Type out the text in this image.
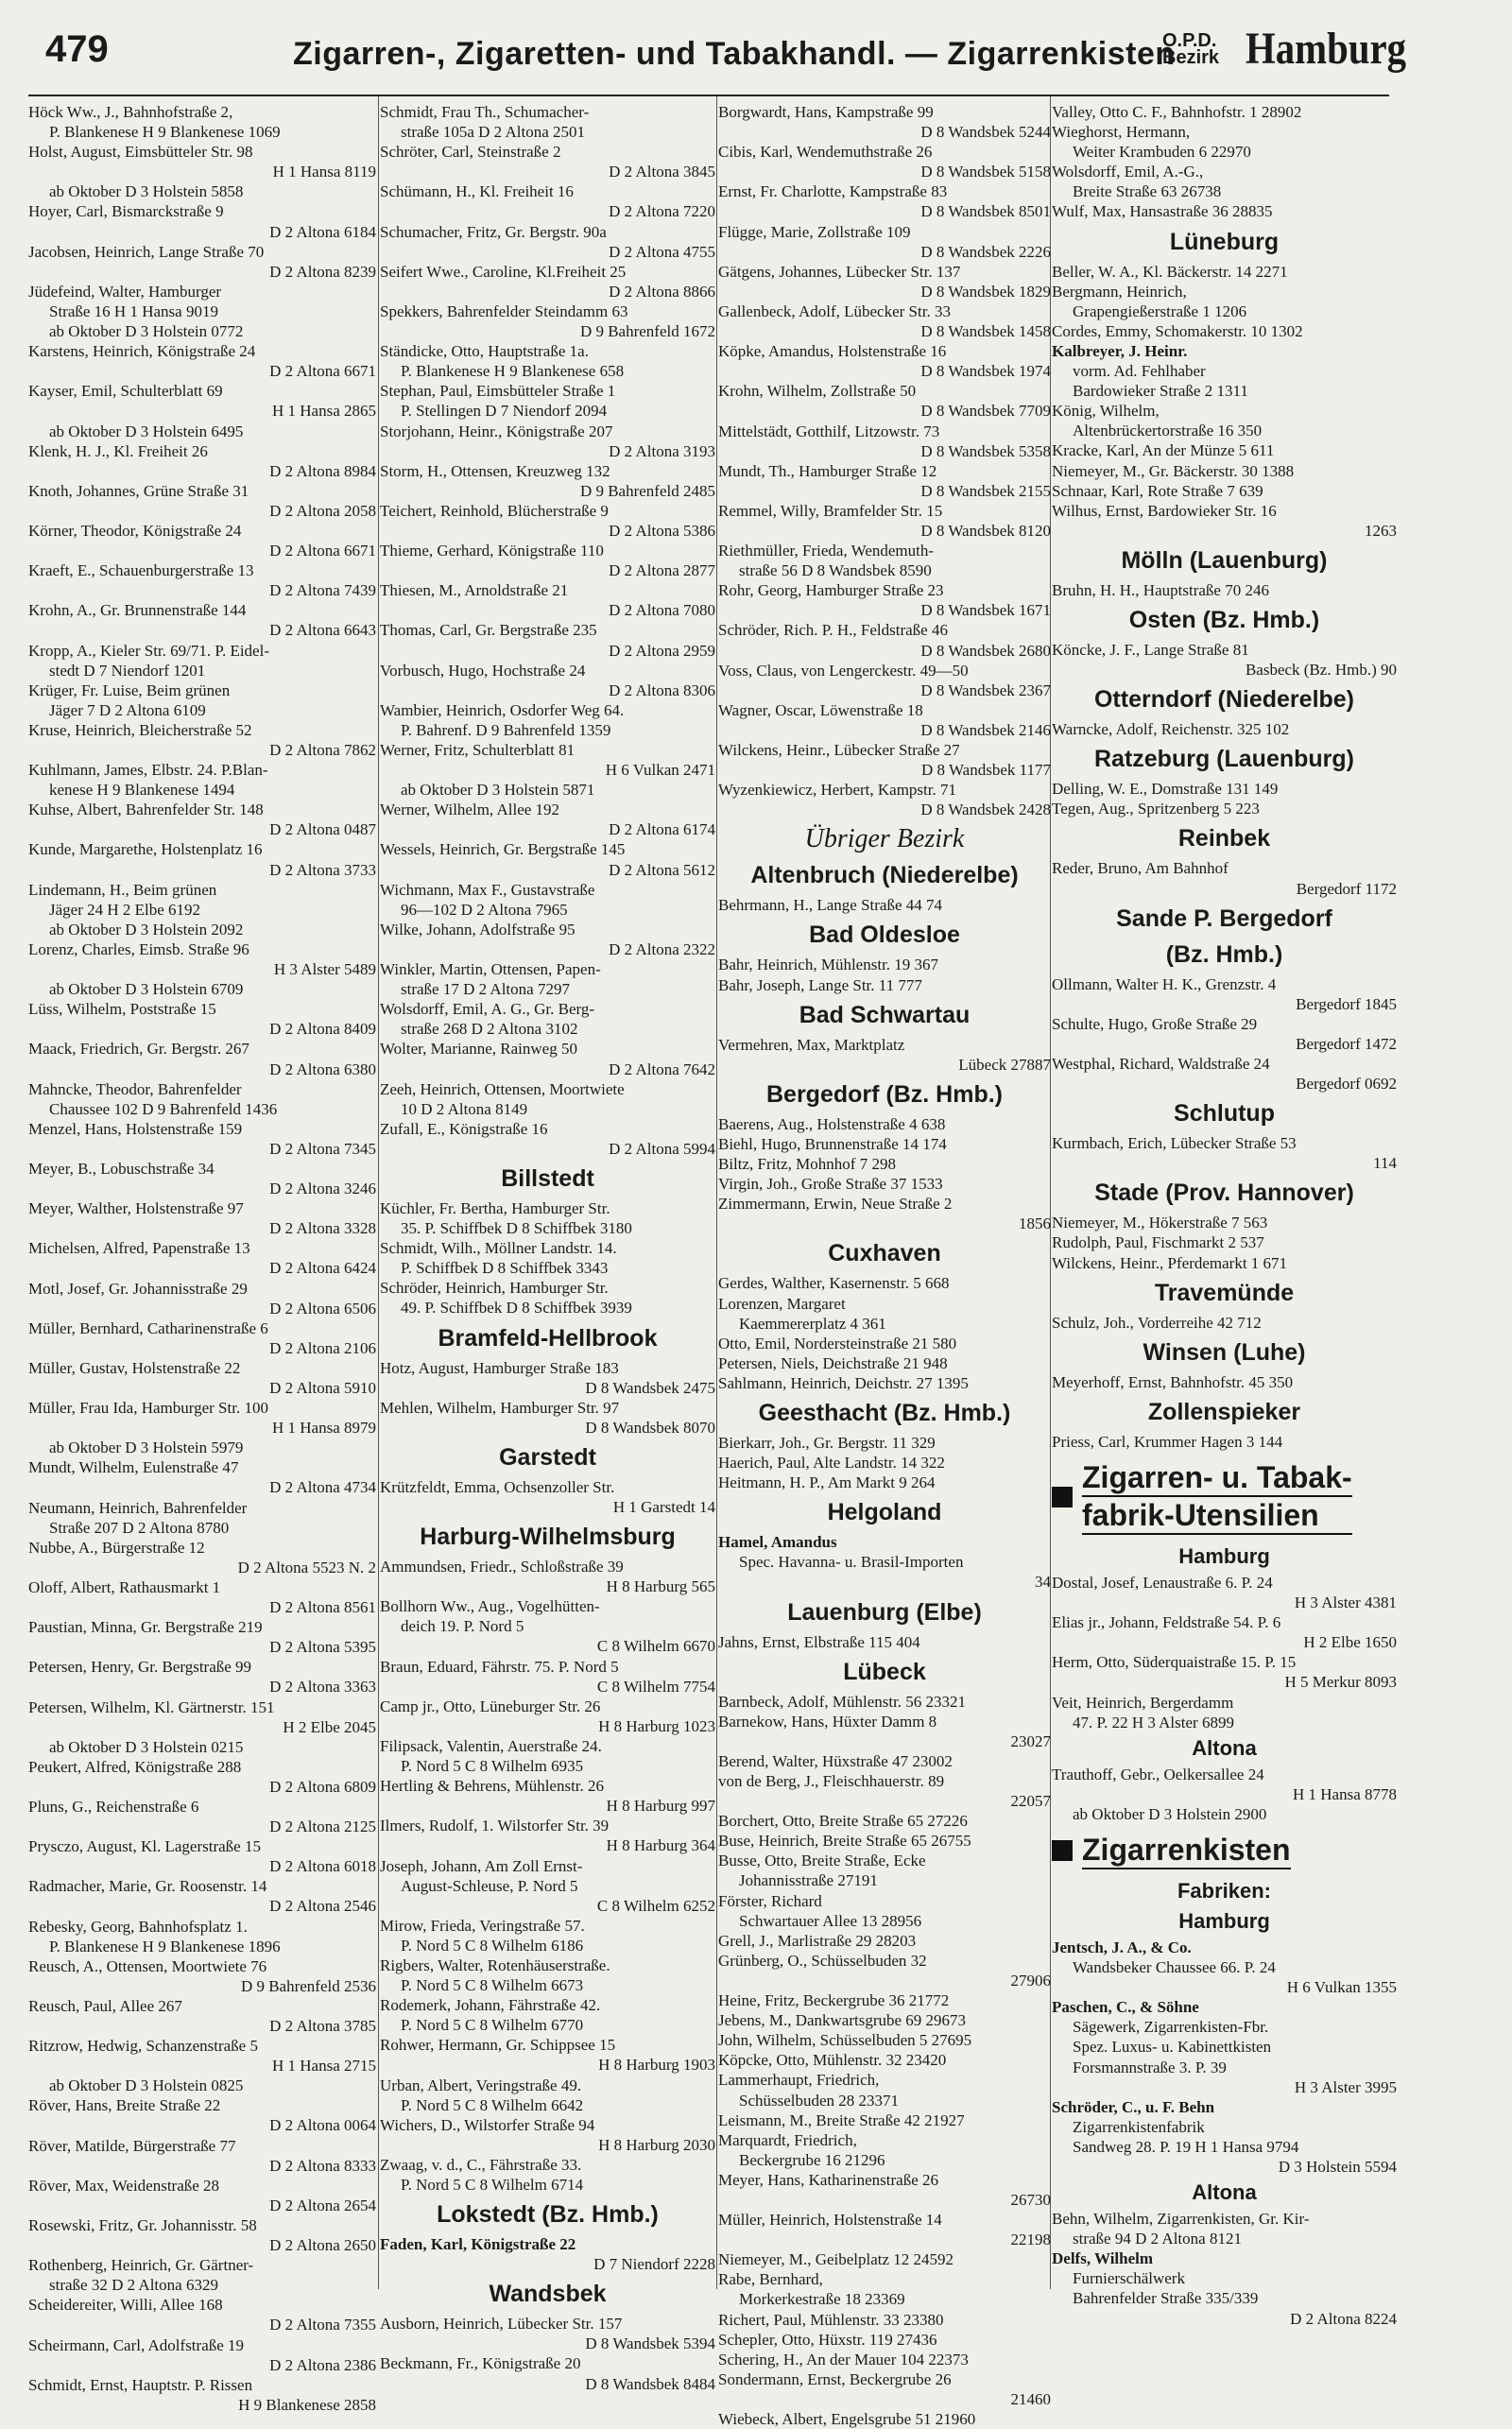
479	Zigarren-, Zigaretten- und Tabakhandl. — Zigarrenkisten
O.P.D.
Bezirk Hamburg
Höck Ww., J., Bahnhofstraße 2,
P. Blankenese H 9 Blankenese 1069
Holst, August, Eimsbütteler Str. 98
H 1 Hansa 8119
ab Oktober D 3 Holstein 5858
Hoyer, Carl, Bismarckstraße 9
D 2 Altona 6184
Jacobsen, Heinrich, Lange Straße 70
D 2 Altona 8239
Jüdefeind, Walter, Hamburger
Straße 16 H 1 Hansa 9019
ab Oktober D 3 Holstein 0772
Karstens, Heinrich, Königstraße 24
D 2 Altona 6671
Kayser, Emil, Schulterblatt 69
H 1 Hansa 2865
ab Oktober D 3 Holstein 6495
Klenk, H. J., Kl. Freiheit 26
D 2 Altona 8984
Knoth, Johannes, Grüne Straße 31
D 2 Altona 2058
Körner, Theodor, Königstraße 24
D 2 Altona 6671
Kraeft, E., Schauenburgerstraße 13
D 2 Altona 7439
Krohn, A., Gr. Brunnenstraße 144
D 2 Altona 6643
Kropp, A., Kieler Str. 69/71. P. Eidel-
stedt D 7 Niendorf 1201
Krüger, Fr. Luise, Beim grünen
Jäger 7 D 2 Altona 6109
Kruse, Heinrich, Bleicherstraße 52
D 2 Altona 7862
Kuhlmann, James, Elbstr. 24. P.Blan-
kenese H 9 Blankenese 1494
Kuhse, Albert, Bahrenfelder Str. 148
D 2 Altona 0487
Kunde, Margarethe, Holstenplatz 16
D 2 Altona 3733
Lindemann, H., Beim grünen
Jäger 24 H 2 Elbe 6192
ab Oktober D 3 Holstein 2092
Lorenz, Charles, Eimsb. Straße 96
H 3 Alster 5489
ab Oktober D 3 Holstein 6709
Lüss, Wilhelm, Poststraße 15
D 2 Altona 8409
Maack, Friedrich, Gr. Bergstr. 267
D 2 Altona 6380
Mahncke, Theodor, Bahrenfelder
Chaussee 102 D 9 Bahrenfeld 1436
Menzel, Hans, Holstenstraße 159
D 2 Altona 7345
Meyer, B., Lobuschstraße 34
D 2 Altona 3246
Meyer, Walther, Holstenstraße 97
D 2 Altona 3328
Michelsen, Alfred, Papenstraße 13
D 2 Altona 6424
Motl, Josef, Gr. Johannisstraße 29
D 2 Altona 6506
Müller, Bernhard, Catharinenstraße 6
D 2 Altona 2106
Müller, Gustav, Holstenstraße 22
D 2 Altona 5910
Müller, Frau Ida, Hamburger Str. 100
H 1 Hansa 8979
ab Oktober D 3 Holstein 5979
Mundt, Wilhelm, Eulenstraße 47
D 2 Altona 4734
Neumann, Heinrich, Bahrenfelder
Straße 207 D 2 Altona 8780
Nubbe, A., Bürgerstraße 12
D 2 Altona 5523 N. 2
Oloff, Albert, Rathausmarkt 1
D 2 Altona 8561
Paustian, Minna, Gr. Bergstraße 219
D 2 Altona 5395
Petersen, Henry, Gr. Bergstraße 99
D 2 Altona 3363
Petersen, Wilhelm, Kl. Gärtnerstr. 151
H 2 Elbe 2045
ab Oktober D 3 Holstein 0215
Peukert, Alfred, Königstraße 288
D 2 Altona 6809
Pluns, G., Reichenstraße 6
D 2 Altona 2125
Prysczo, August, Kl. Lagerstraße 15
D 2 Altona 6018
Radmacher, Marie, Gr. Roosenstr. 14
D 2 Altona 2546
Rebesky, Georg, Bahnhofsplatz 1.
P. Blankenese H 9 Blankenese 1896
Reusch, A., Ottensen, Moortwiete 76
D 9 Bahrenfeld 2536
Reusch, Paul, Allee 267
D 2 Altona 3785
Ritzrow, Hedwig, Schanzenstraße 5
H 1 Hansa 2715
ab Oktober D 3 Holstein 0825
Röver, Hans, Breite Straße 22
D 2 Altona 0064
Röver, Matilde, Bürgerstraße 77
D 2 Altona 8333
Röver, Max, Weidenstraße 28
D 2 Altona 2654
Rosewski, Fritz, Gr. Johannisstr. 58
D 2 Altona 2650
Rothenberg, Heinrich, Gr. Gärtner-
straße 32 D 2 Altona 6329
Scheidereiter, Willi, Allee 168
D 2 Altona 7355
Scheirmann, Carl, Adolfstraße 19
D 2 Altona 2386
Schmidt, Ernst, Hauptstr. P. Rissen
H 9 Blankenese 2858
Schmidt, Frau Th., Schumacher-
straße 105a D 2 Altona 2501
Schröter, Carl, Steinstraße 2
D 2 Altona 3845
Schümann, H., Kl. Freiheit 16
D 2 Altona 7220
Schumacher, Fritz, Gr. Bergstr. 90a
D 2 Altona 4755
Seifert Wwe., Caroline, Kl.Freiheit 25
D 2 Altona 8866
Spekkers, Bahrenfelder Steindamm 63
D 9 Bahrenfeld 1672
Ständicke, Otto, Hauptstraße 1a.
P. Blankenese H 9 Blankenese 658
Stephan, Paul, Eimsbütteler Straße 1
P. Stellingen D 7 Niendorf 2094
Storjohann, Heinr., Königstraße 207
D 2 Altona 3193
Storm, H., Ottensen, Kreuzweg 132
D 9 Bahrenfeld 2485
Teichert, Reinhold, Blücherstraße 9
D 2 Altona 5386
Thieme, Gerhard, Königstraße 110
D 2 Altona 2877
Thiesen, M., Arnoldstraße 21
D 2 Altona 7080
Thomas, Carl, Gr. Bergstraße 235
D 2 Altona 2959
Vorbusch, Hugo, Hochstraße 24
D 2 Altona 8306
Wambier, Heinrich, Osdorfer Weg 64.
P. Bahrenf. D 9 Bahrenfeld 1359
Werner, Fritz, Schulterblatt 81
H 6 Vulkan 2471
ab Oktober D 3 Holstein 5871
Werner, Wilhelm, Allee 192
D 2 Altona 6174
Wessels, Heinrich, Gr. Bergstraße 145
D 2 Altona 5612
Wichmann, Max F., Gustavstraße
96—102 D 2 Altona 7965
Wilke, Johann, Adolfstraße 95
D 2 Altona 2322
Winkler, Martin, Ottensen, Papen-
straße 17 D 2 Altona 7297
Wolsdorff, Emil, A. G., Gr. Berg-
straße 268 D 2 Altona 3102
Wolter, Marianne, Rainweg 50
D 2 Altona 7642
Zeeh, Heinrich, Ottensen, Moortwiete
10 D 2 Altona 8149
Zufall, E., Königstraße 16
D 2 Altona 5994
Billstedt
Küchler, Fr. Bertha, Hamburger Str.
35. P. Schiffbek D 8 Schiffbek 3180
Schmidt, Wilh., Möllner Landstr. 14.
P. Schiffbek D 8 Schiffbek 3343
Schröder, Heinrich, Hamburger Str.
49. P. Schiffbek D 8 Schiffbek 3939
Bramfeld-Hellbrook
Hotz, August, Hamburger Straße 183
D 8 Wandsbek 2475
Mehlen, Wilhelm, Hamburger Str. 97
D 8 Wandsbek 8070
Garstedt
Krützfeldt, Emma, Ochsenzoller Str.
H 1 Garstedt 14
Harburg-Wilhelmsburg
Ammundsen, Friedr., Schloßstraße 39
H 8 Harburg 565
Bollhorn Ww., Aug., Vogelhütten-
deich 19. P. Nord 5
C 8 Wilhelm 6670
Braun, Eduard, Fährstr. 75. P. Nord 5
C 8 Wilhelm 7754
Camp jr., Otto, Lüneburger Str. 26
H 8 Harburg 1023
Filipsack, Valentin, Auerstraße 24.
P. Nord 5 C 8 Wilhelm 6935
Hertling & Behrens, Mühlenstr. 26
H 8 Harburg 997
Ilmers, Rudolf, 1. Wilstorfer Str. 39
H 8 Harburg 364
Joseph, Johann, Am Zoll Ernst-
August-Schleuse, P. Nord 5
C 8 Wilhelm 6252
Mirow, Frieda, Veringstraße 57.
P. Nord 5 C 8 Wilhelm 6186
Rigbers, Walter, Rotenhäuserstraße.
P. Nord 5 C 8 Wilhelm 6673
Rodemerk, Johann, Fährstraße 42.
P. Nord 5 C 8 Wilhelm 6770
Rohwer, Hermann, Gr. Schippsee 15
H 8 Harburg 1903
Urban, Albert, Veringstraße 49.
P. Nord 5 C 8 Wilhelm 6642
Wichers, D., Wilstorfer Straße 94
H 8 Harburg 2030
Zwaag, v. d., C., Fährstraße 33.
P. Nord 5 C 8 Wilhelm 6714
Lokstedt (Bz. Hmb.)
Faden, Karl, Königstraße 22
D 7 Niendorf 2228
Wandsbek
Ausborn, Heinrich, Lübecker Str. 157
D 8 Wandsbek 5394
Beckmann, Fr., Königstraße 20
D 8 Wandsbek 8484
Borgwardt, Hans, Kampstraße 99
D 8 Wandsbek 5244
Cibis, Karl, Wendemuthstraße 26
D 8 Wandsbek 5158
Ernst, Fr. Charlotte, Kampstraße 83
D 8 Wandsbek 8501
Flügge, Marie, Zollstraße 109
D 8 Wandsbek 2226
Gätgens, Johannes, Lübecker Str. 137
D 8 Wandsbek 1829
Gallenbeck, Adolf, Lübecker Str. 33
D 8 Wandsbek 1458
Köpke, Amandus, Holstenstraße 16
D 8 Wandsbek 1974
Krohn, Wilhelm, Zollstraße 50
D 8 Wandsbek 7709
Mittelstädt, Gotthilf, Litzowstr. 73
D 8 Wandsbek 5358
Mundt, Th., Hamburger Straße 12
D 8 Wandsbek 2155
Remmel, Willy, Bramfelder Str. 15
D 8 Wandsbek 8120
Riethmüller, Frieda, Wendemuth-
straße 56 D 8 Wandsbek 8590
Rohr, Georg, Hamburger Straße 23
D 8 Wandsbek 1671
Schröder, Rich. P. H., Feldstraße 46
D 8 Wandsbek 2680
Voss, Claus, von Lengerckestr. 49—50
D 8 Wandsbek 2367
Wagner, Oscar, Löwenstraße 18
D 8 Wandsbek 2146
Wilckens, Heinr., Lübecker Straße 27
D 8 Wandsbek 1177
Wyzenkiewicz, Herbert, Kampstr. 71
D 8 Wandsbek 2428
Übriger Bezirk
Altenbruch (Niederelbe)
Behrmann, H., Lange Straße 44 74
Bad Oldesloe
Bahr, Heinrich, Mühlenstr. 19 367
Bahr, Joseph, Lange Str. 11 777
Bad Schwartau
Vermehren, Max, Marktplatz
Lübeck 27887
Bergedorf (Bz. Hmb.)
Baerens, Aug., Holstenstraße 4 638
Biehl, Hugo, Brunnenstraße 14 174
Biltz, Fritz, Mohnhof 7 298
Virgin, Joh., Große Straße 37 1533
Zimmermann, Erwin, Neue Straße 2
1856
Cuxhaven
Gerdes, Walther, Kasernenstr. 5 668
Lorenzen, Margaret
Kaemmererplatz 4 361
Otto, Emil, Nordersteinstraße 21 580
Petersen, Niels, Deichstraße 21 948
Sahlmann, Heinrich, Deichstr. 27 1395
Geesthacht (Bz. Hmb.)
Bierkarr, Joh., Gr. Bergstr. 11 329
Haerich, Paul, Alte Landstr. 14 322
Heitmann, H. P., Am Markt 9 264
Helgoland
Hamel, Amandus
Spec. Havanna- u. Brasil-Importen
34
Lauenburg (Elbe)
Jahns, Ernst, Elbstraße 115 404
Lübeck
Barnbeck, Adolf, Mühlenstr. 56 23321
Barnekow, Hans, Hüxter Damm 8
23027
Berend, Walter, Hüxstraße 47 23002
von de Berg, J., Fleischhauerstr. 89
22057
Borchert, Otto, Breite Straße 65 27226
Buse, Heinrich, Breite Straße 65 26755
Busse, Otto, Breite Straße, Ecke
Johannisstraße 27191
Förster, Richard
Schwartauer Allee 13 28956
Grell, J., Marlistraße 29 28203
Grünberg, O., Schüsselbuden 32
27906
Heine, Fritz, Beckergrube 36 21772
Jebens, M., Dankwartsgrube 69 29673
John, Wilhelm, Schüsselbuden 5 27695
Köpcke, Otto, Mühlenstr. 32 23420
Lammerhaupt, Friedrich,
Schüsselbuden 28 23371
Leismann, M., Breite Straße 42 21927
Marquardt, Friedrich,
Beckergrube 16 21296
Meyer, Hans, Katharinenstraße 26
26730
Müller, Heinrich, Holstenstraße 14
22198
Niemeyer, M., Geibelplatz 12 24592
Rabe, Bernhard,
Morkerkestraße 18 23369
Richert, Paul, Mühlenstr. 33 23380
Schepler, Otto, Hüxstr. 119 27436
Schering, H., An der Mauer 104 22373
Sondermann, Ernst, Beckergrube 26
21460
Wiebeck, Albert, Engelsgrube 51 21960
Valley, Otto C. F., Bahnhofstr. 1 28902
Wieghorst, Hermann,
Weiter Krambuden 6 22970
Wolsdorff, Emil, A.-G.,
Breite Straße 63 26738
Wulf, Max, Hansastraße 36 28835
Lüneburg
Beller, W. A., Kl. Bäckerstr. 14 2271
Bergmann, Heinrich,
Grapengießerstraße 1 1206
Cordes, Emmy, Schomakerstr. 10 1302
Kalbreyer, J. Heinr.
vorm. Ad. Fehlhaber
Bardowieker Straße 2 1311
König, Wilhelm,
Altenbrückertorstraße 16 350
Kracke, Karl, An der Münze 5 611
Niemeyer, M., Gr. Bäckerstr. 30 1388
Schnaar, Karl, Rote Straße 7 639
Wilhus, Ernst, Bardowieker Str. 16
1263
Mölln (Lauenburg)
Bruhn, H. H., Hauptstraße 70 246
Osten (Bz. Hmb.)
Köncke, J. F., Lange Straße 81
Basbeck (Bz. Hmb.) 90
Otterndorf (Niederelbe)
Warncke, Adolf, Reichenstr. 325 102
Ratzeburg (Lauenburg)
Delling, W. E., Domstraße 131 149
Tegen, Aug., Spritzenberg 5 223
Reinbek
Reder, Bruno, Am Bahnhof
Bergedorf 1172
Sande P. Bergedorf
(Bz. Hmb.)
Ollmann, Walter H. K., Grenzstr. 4
Bergedorf 1845
Schulte, Hugo, Große Straße 29
Bergedorf 1472
Westphal, Richard, Waldstraße 24
Bergedorf 0692
Schlutup
Kurmbach, Erich, Lübecker Straße 53
114
Stade (Prov. Hannover)
Niemeyer, M., Hökerstraße 7 563
Rudolph, Paul, Fischmarkt 2 537
Wilckens, Heinr., Pferdemarkt 1 671
Travemünde
Schulz, Joh., Vorderreihe 42 712
Winsen (Luhe)
Meyerhoff, Ernst, Bahnhofstr. 45 350
Zollenspieker
Priess, Carl, Krummer Hagen 3 144
Zigarren- u. Tabak-
fabrik-Utensilien
Hamburg
Dostal, Josef, Lenaustraße 6. P. 24
H 3 Alster 4381
Elias jr., Johann, Feldstraße 54. P. 6
H 2 Elbe 1650
Herm, Otto, Süderquaistraße 15. P. 15
H 5 Merkur 8093
Veit, Heinrich, Bergerdamm
47. P. 22 H 3 Alster 6899
Altona
Trauthoff, Gebr., Oelkersallee 24
H 1 Hansa 8778
ab Oktober D 3 Holstein 2900
Zigarrenkisten
Fabriken:
Hamburg
Jentsch, J. A., & Co.
Wandsbeker Chaussee 66. P. 24
H 6 Vulkan 1355
Paschen, C., & Söhne
Sägewerk, Zigarrenkisten-Fbr.
Spez. Luxus- u. Kabinettkisten
Forsmannstraße 3. P. 39
H 3 Alster 3995
Schröder, C., u. F. Behn
Zigarrenkistenfabrik
Sandweg 28. P. 19 H 1 Hansa 9794
D 3 Holstein 5594
Altona
Behn, Wilhelm, Zigarrenkisten, Gr. Kir-
straße 94 D 2 Altona 8121
Delfs, Wilhelm
Furnierschälwerk
Bahrenfelder Straße 335/339
D 2 Altona 8224
